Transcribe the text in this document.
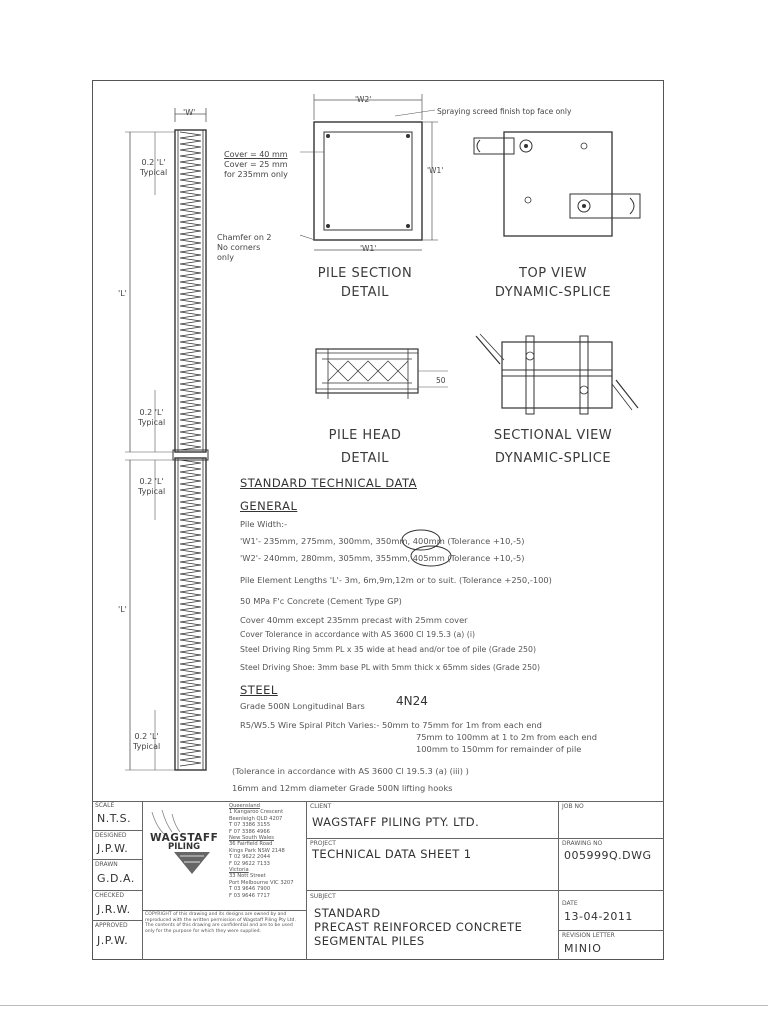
'W'
'L'
'L'
0.2 'L'
Typical
0.2 'L'
Typical
0.2 'L'
Typical
0.2 'L'
Typical
'W2'
'W1'
'W1'
Spraying screed finish top face only
Cover = 40 mm
Cover = 25 mm
for 235mm only
Chamfer on 2
No corners
only
PILE SECTION
DETAIL
TOP VIEW
DYNAMIC-SPLICE
50
PILE HEAD
DETAIL
SECTIONAL VIEW
DYNAMIC-SPLICE
STANDARD TECHNICAL DATA
GENERAL
Pile Width:-
'W1'- 235mm, 275mm, 300mm, 350mm, 400mm (Tolerance +10,-5)
'W2'- 240mm, 280mm, 305mm, 355mm, 405mm (Tolerance +10,-5)
Pile Element Lengths 'L'- 3m, 6m,9m,12m or to suit. (Tolerance +250,-100)
50 MPa F'c Concrete (Cement Type GP)
Cover 40mm except 235mm precast with 25mm cover
Cover Tolerance in accordance with AS 3600 Cl 19.5.3 (a) (i)
Steel Driving Ring 5mm PL x 35 wide at head and/or toe of pile (Grade 250)
Steel Driving Shoe: 3mm base PL with 5mm thick x 65mm sides (Grade 250)
STEEL
Grade 500N Longitudinal Bars	4N24
R5/W5.5 Wire Spiral Pitch Varies:- 50mm to 75mm for 1m from each end
75mm to 100mm at 1 to 2m from each end
100mm to 150mm for remainder of pile
(Tolerance in accordance with AS 3600 Cl 19.5.3 (a) (iii) )
16mm and 12mm diameter Grade 500N lifting hooks
SCALE
N.T.S.
DESIGNED
J.P.W.
DRAWN
G.D.A.
CHECKED
J.R.W.
APPROVED
J.P.W.
WAGSTAFF
PILING
Queensland
1 Kangaroo Crescent
Beenleigh QLD 4207
T 07 3386 3155
F 07 3386 4966
New South Wales
36 Fairfield Road
Kings Park NSW 2148
T 02 9622 2044
F 02 9622 7133
Victoria
33 Nott Street
Port Melbourne VIC 3207
T 03 9646 7900
F 03 9646 7717
COPYRIGHT of this drawing and its designs are owned by and reproduced with the written permission of Wagstaff Piling Pty Ltd. The contents of this drawing are confidential and are to be used only for the purpose for which they were supplied.
CLIENT
WAGSTAFF PILING PTY. LTD.
PROJECT
TECHNICAL DATA SHEET 1
SUBJECT
STANDARD
PRECAST REINFORCED CONCRETE
SEGMENTAL PILES
JOB NO
DRAWING NO
005999Q.DWG
DATE
13-04-2011
REVISION LETTER
MINIO
